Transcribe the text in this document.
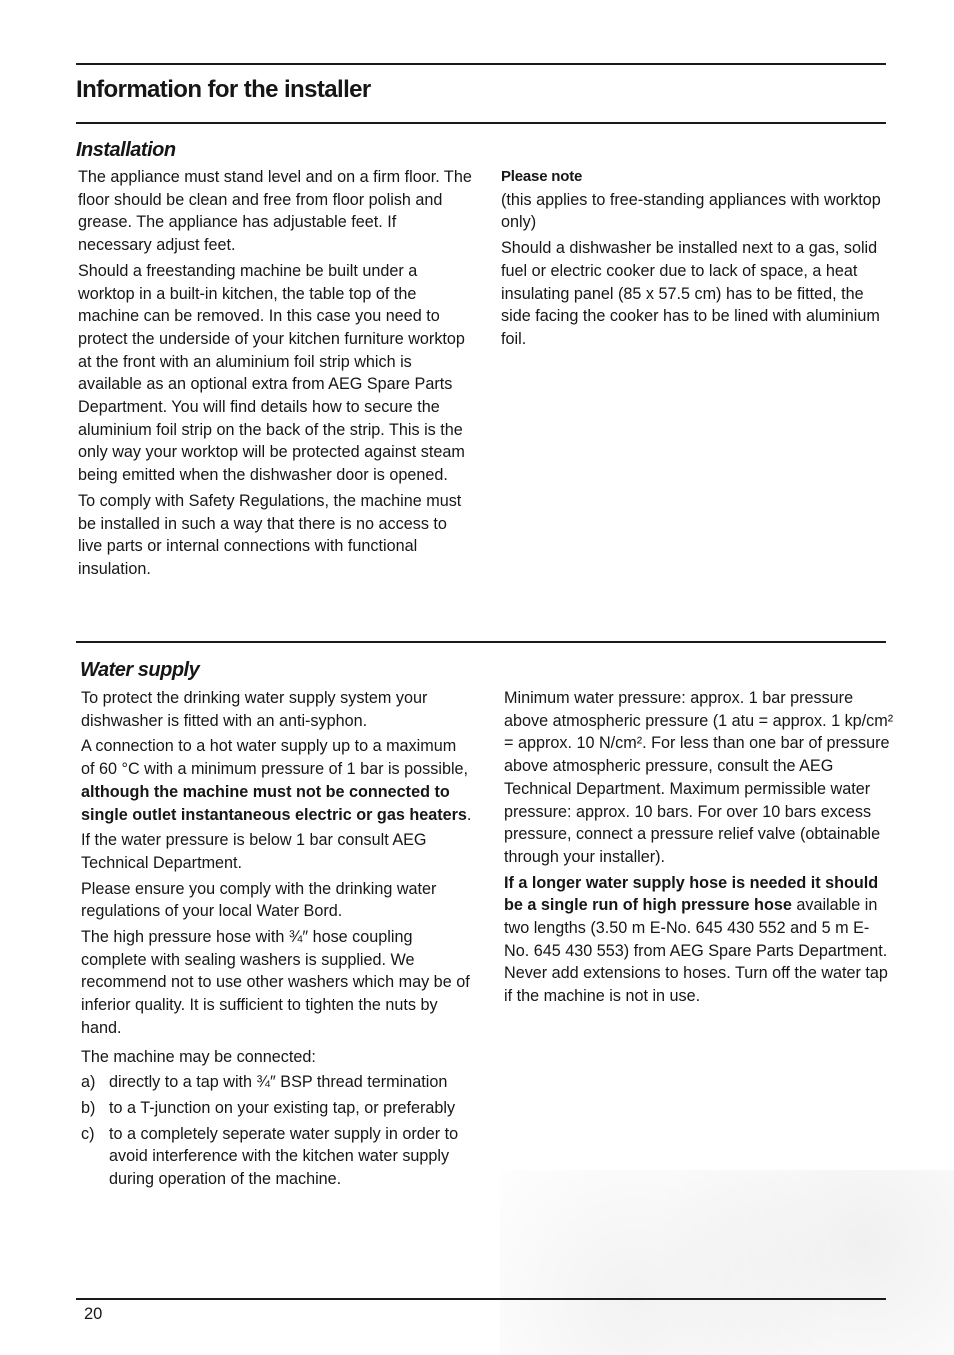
Information for the installer
Installation

The appliance must stand level and on a firm floor. The floor should be clean and free from floor polish and grease. The appliance has adjustable feet. If necessary adjust feet.

Should a freestanding machine be built under a worktop in a built-in kitchen, the table top of the machine can be removed. In this case you need to protect the underside of your kitchen furniture worktop at the front with an aluminium foil strip which is available as an optional extra from AEG Spare Parts Department. You will find details how to secure the aluminium foil strip on the back of the strip. This is the only way your worktop will be protected against steam being emitted when the dishwasher door is opened.

To comply with Safety Regulations, the machine must be installed in such a way that there is no access to live parts or internal connections with functional insulation.

Please note

(this applies to free-standing appliances with worktop only)

Should a dishwasher be installed next to a gas, solid fuel or electric cooker due to lack of space, a heat insulating panel (85 x 57.5 cm) has to be fitted, the side facing the cooker has to be lined with aluminium foil.

Water supply

To protect the drinking water supply system your dishwasher is fitted with an anti-syphon.

A connection to a hot water supply up to a maximum of 60 °C with a minimum pressure of 1 bar is possible, although the machine must not be connected to single outlet instantaneous electric or gas heaters.

If the water pressure is below 1 bar consult AEG Technical Department.

Please ensure you comply with the drinking water regulations of your local Water Bord.

The high pressure hose with ¾″ hose coupling complete with sealing washers is supplied. We recommend not to use other washers which may be of inferior quality. It is sufficient to tighten the nuts by hand.

The machine may be connected:

a) directly to a tap with ¾″ BSP thread termination
b) to a T-junction on your existing tap, or preferably
c) to a completely seperate water supply in order to avoid interference with the kitchen water supply during operation of the machine.

Minimum water pressure: approx. 1 bar pressure above atmospheric pressure (1 atu = approx. 1 kp/cm² = approx. 10 N/cm². For less than one bar of pressure above atmospheric pressure, consult the AEG Technical Department. Maximum permissible water pressure: approx. 10 bars. For over 10 bars excess pressure, connect a pressure relief valve (obtainable through your installer).

If a longer water supply hose is needed it should be a single run of high pressure hose available in two lengths (3.50 m E-No. 645 430 552 and 5 m E-No. 645 430 553) from AEG Spare Parts Department. Never add extensions to hoses. Turn off the water tap if the machine is not in use.

20
